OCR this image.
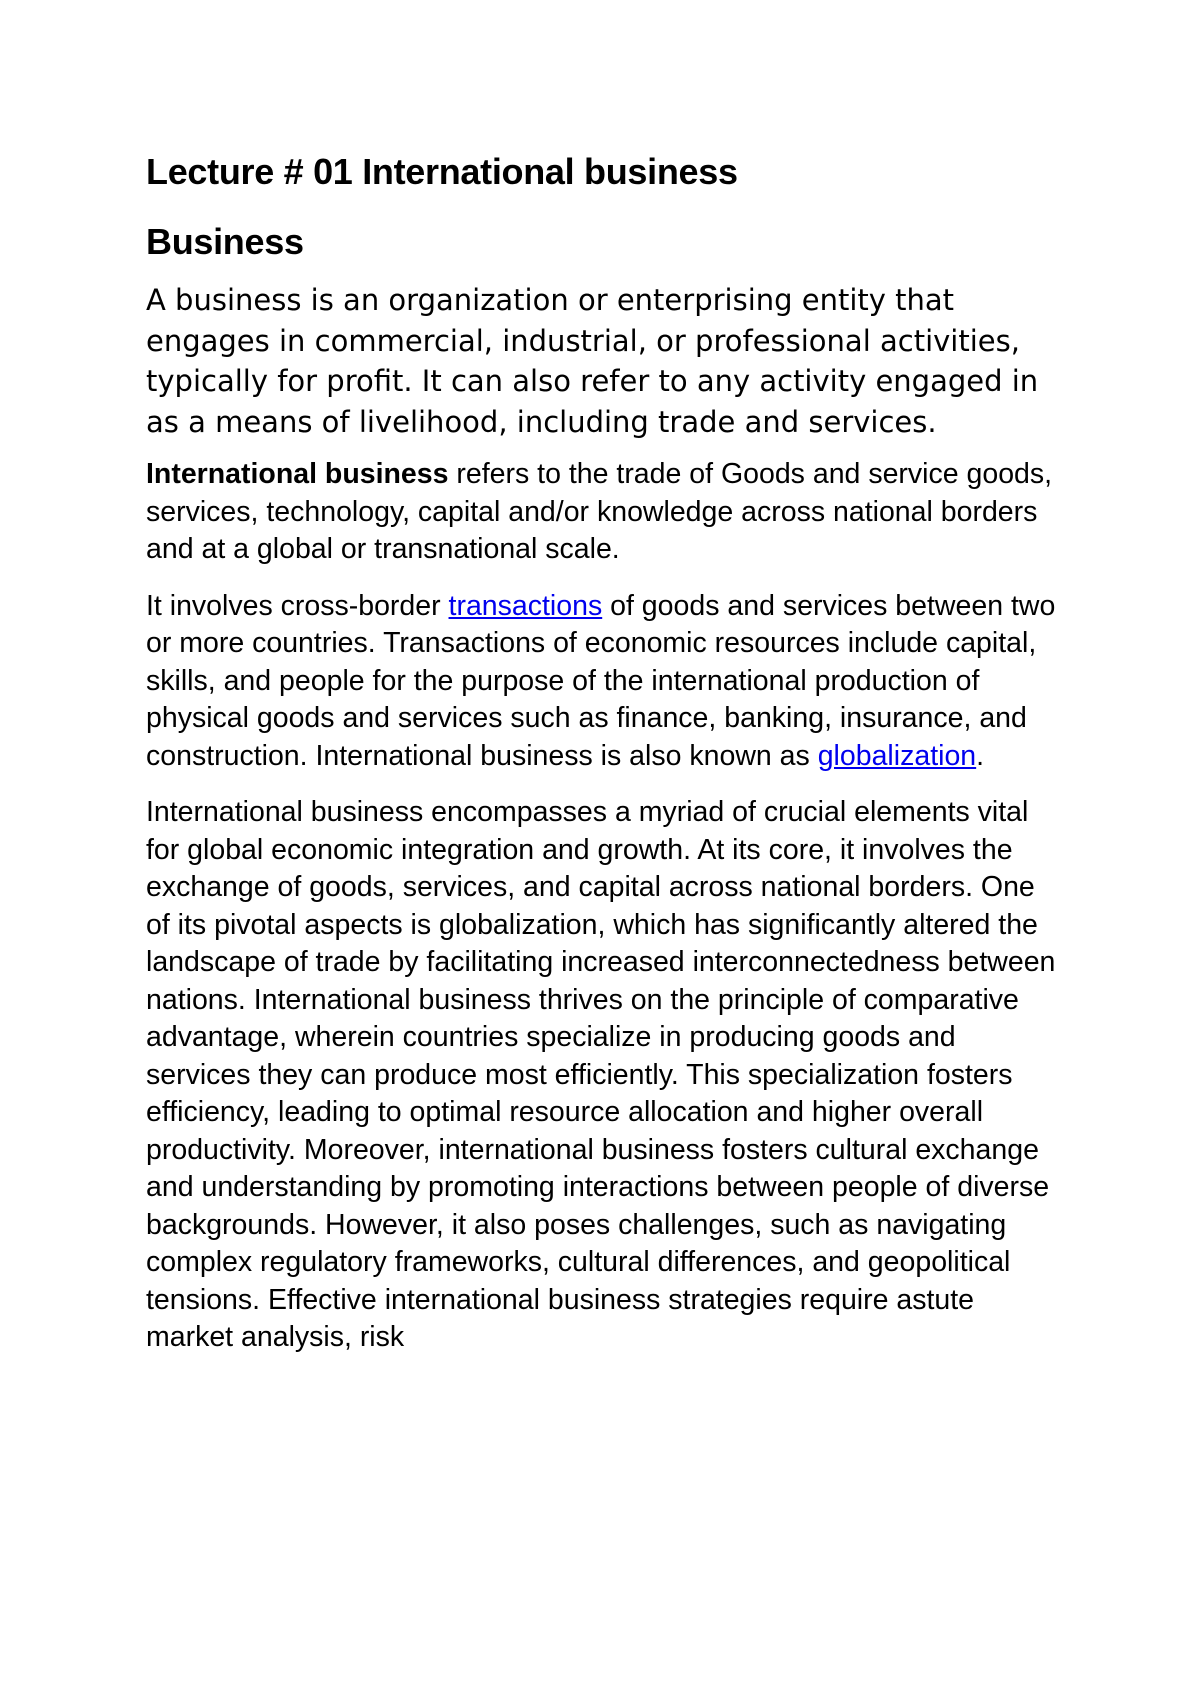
Lecture # 01 International business
Business

A business is an organization or enterprising entity that engages in commercial, industrial, or professional activities, typically for profit. It can also refer to any activity engaged in as a means of livelihood, including trade and services.

International business refers to the trade of Goods and service goods, services, technology, capital and/or knowledge across national borders and at a global or transnational scale.

It involves cross-border transactions of goods and services between two or more countries. Transactions of economic resources include capital, skills, and people for the purpose of the international production of physical goods and services such as finance, banking, insurance, and construction. International business is also known as globalization.

International business encompasses a myriad of crucial elements vital for global economic integration and growth. At its core, it involves the exchange of goods, services, and capital across national borders. One of its pivotal aspects is globalization, which has significantly altered the landscape of trade by facilitating increased interconnectedness between nations. International business thrives on the principle of comparative advantage, wherein countries specialize in producing goods and services they can produce most efficiently. This specialization fosters efficiency, leading to optimal resource allocation and higher overall productivity. Moreover, international business fosters cultural exchange and understanding by promoting interactions between people of diverse backgrounds. However, it also poses challenges, such as navigating complex regulatory frameworks, cultural differences, and geopolitical tensions. Effective international business strategies require astute market analysis, risk
